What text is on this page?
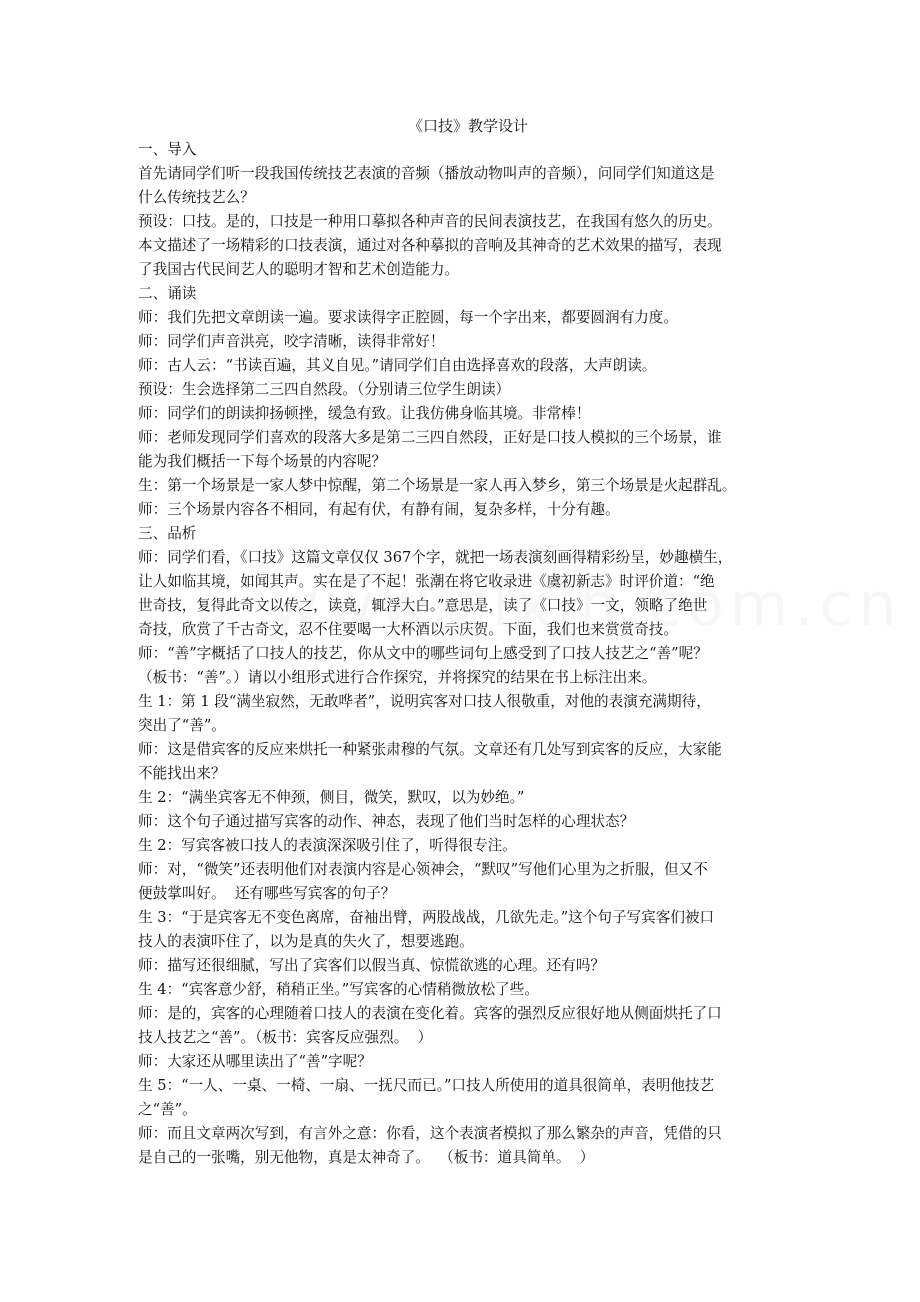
《口技》教学设计

一、导入

首先请同学们听一段我国传统技艺表演的音频（播放动物叫声的音频），问同学们知道这是

什么传统技艺么？

预设：口技。是的，口技是一种用口摹拟各种声音的民间表演技艺，在我国有悠久的历史。

本文描述了一场精彩的口技表演，通过对各种摹拟的音响及其神奇的艺术效果的描写，表现

了我国古代民间艺人的聪明才智和艺术创造能力。

二、诵读

师：我们先把文章朗读一遍。要求读得字正腔圆，每一个字出来，都要圆润有力度。

师：同学们声音洪亮，咬字清晰，读得非常好！

师：古人云：“书读百遍，其义自见。”请同学们自由选择喜欢的段落，大声朗读。

预设：生会选择第二三四自然段。（分别请三位学生朗读）

师：同学们的朗读抑扬顿挫，缓急有致。让我仿佛身临其境。非常棒！

师：老师发现同学们喜欢的段落大多是第二三四自然段，正好是口技人模拟的三个场景，谁

能为我们概括一下每个场景的内容呢？

生：第一个场景是一家人梦中惊醒，第二个场景是一家人再入梦乡，第三个场景是火起群乱。

师：三个场景内容各不相同，有起有伏，有静有闹，复杂多样，十分有趣。

三、品析

师：同学们看，《口技》这篇文章仅仅 367个字，就把一场表演刻画得精彩纷呈，妙趣横生，

让人如临其境，如闻其声。实在是了不起！张潮在将它收录进《虞初新志》时评价道：“绝

世奇技，复得此奇文以传之，读竟，辄浮大白。”意思是，读了《口技》一文，领略了绝世

奇技，欣赏了千古奇文，忍不住要喝一大杯酒以示庆贺。下面，我们也来赏赏奇技。

师：“善”字概括了口技人的技艺，你从文中的哪些词句上感受到了口技人技艺之“善”呢？

（板书：“善”。）请以小组形式进行合作探究，并将探究的结果在书上标注出来。

生 1：第 1 段“满坐寂然，无敢哗者”，说明宾客对口技人很敬重，对他的表演充满期待，

突出了“善”。

师：这是借宾客的反应来烘托一种紧张肃穆的气氛。文章还有几处写到宾客的反应，大家能

不能找出来？

生 2：“满坐宾客无不伸颈，侧目，微笑，默叹，以为妙绝。”

师：这个句子通过描写宾客的动作、神态，表现了他们当时怎样的心理状态？

生 2：写宾客被口技人的表演深深吸引住了，听得很专注。

师：对，“微笑”还表明他们对表演内容是心领神会，“默叹”写他们心里为之折服，但又不

便鼓掌叫好。  还有哪些写宾客的句子？

生 3：“于是宾客无不变色离席，奋袖出臂，两股战战，几欲先走。”这个句子写宾客们被口

技人的表演吓住了，以为是真的失火了，想要逃跑。

师：描写还很细腻，写出了宾客们以假当真、惊慌欲逃的心理。还有吗？

生 4：“宾客意少舒，稍稍正坐。”写宾客的心情稍微放松了些。

师：是的，宾客的心理随着口技人的表演在变化着。宾客的强烈反应很好地从侧面烘托了口

技人技艺之“善”。（板书：宾客反应强烈。  ）

师：大家还从哪里读出了“善”字呢？

生 5：“一人、一桌、一椅、一扇、一抚尺而已。”口技人所使用的道具很简单，表明他技艺

之“善”。

师：而且文章两次写到，有言外之意：你看，这个表演者模拟了那么繁杂的声音，凭借的只

是自己的一张嘴，别无他物，真是太神奇了。  （板书：道具简单。  ）
